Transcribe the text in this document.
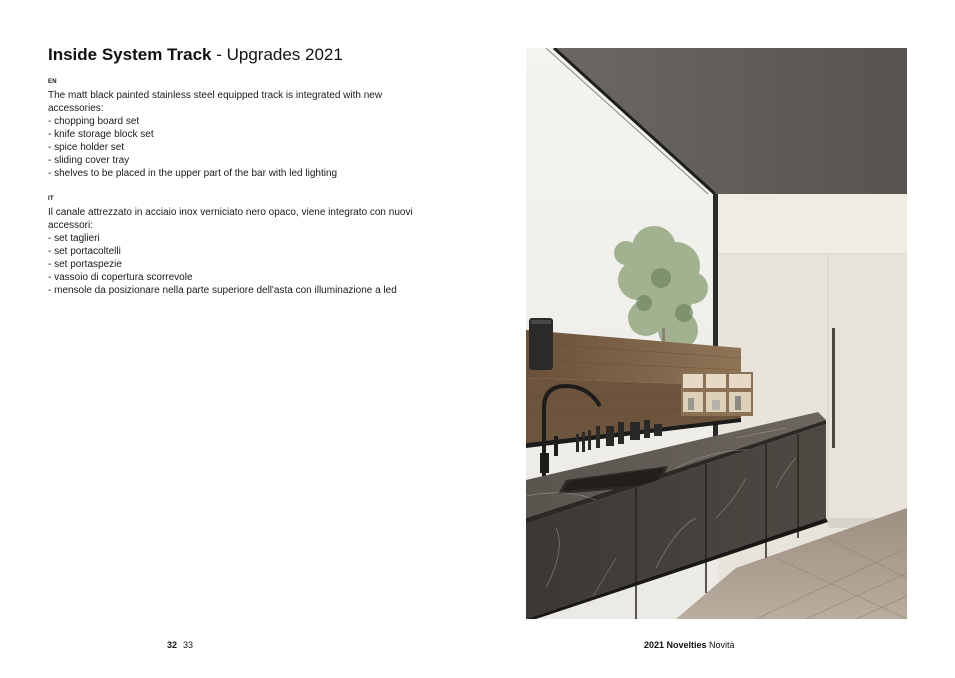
Inside System Track - Upgrades 2021
EN

The matt black painted stainless steel equipped track is integrated with new accessories:

- chopping board set
- knife storage block set
- spice holder set
- sliding cover tray
- shelves to be placed in the upper part of the bar with led lighting
IT

Il canale attrezzato in acciaio inox verniciato nero opaco, viene integrato con nuovi accessori:

- set taglieri
- set portacoltelli
- set portaspezie
- vassoio di copertura scorrevole
- mensole da posizionare nella parte superiore dell'asta con illuminazione a led
32 33	2021 Novelties Novità
